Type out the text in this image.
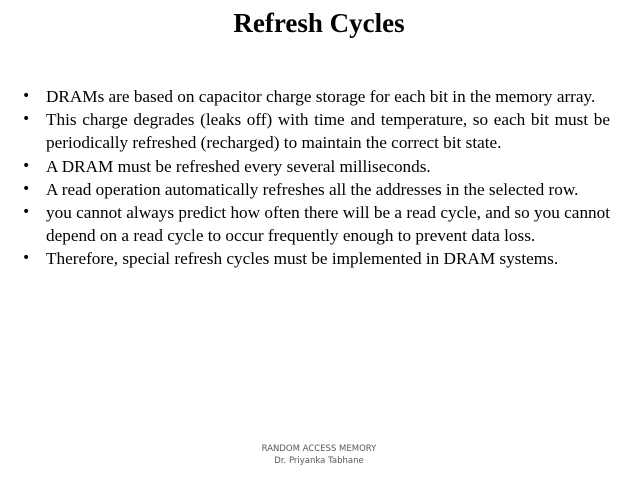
Refresh Cycles
• DRAMs are based on capacitor charge storage for each bit in the memory array.
• This charge degrades (leaks off) with time and temperature, so each bit must be periodically refreshed (recharged) to maintain the correct bit state.
• A DRAM must be refreshed every several milliseconds.
• A read operation automatically refreshes all the addresses in the selected row.
• you cannot always predict how often there will be a read cycle, and so you cannot depend on a read cycle to occur frequently enough to prevent data loss.
• Therefore, special refresh cycles must be implemented in DRAM systems.
RANDOM ACCESS MEMORY
Dr. Priyanka Tabhane
